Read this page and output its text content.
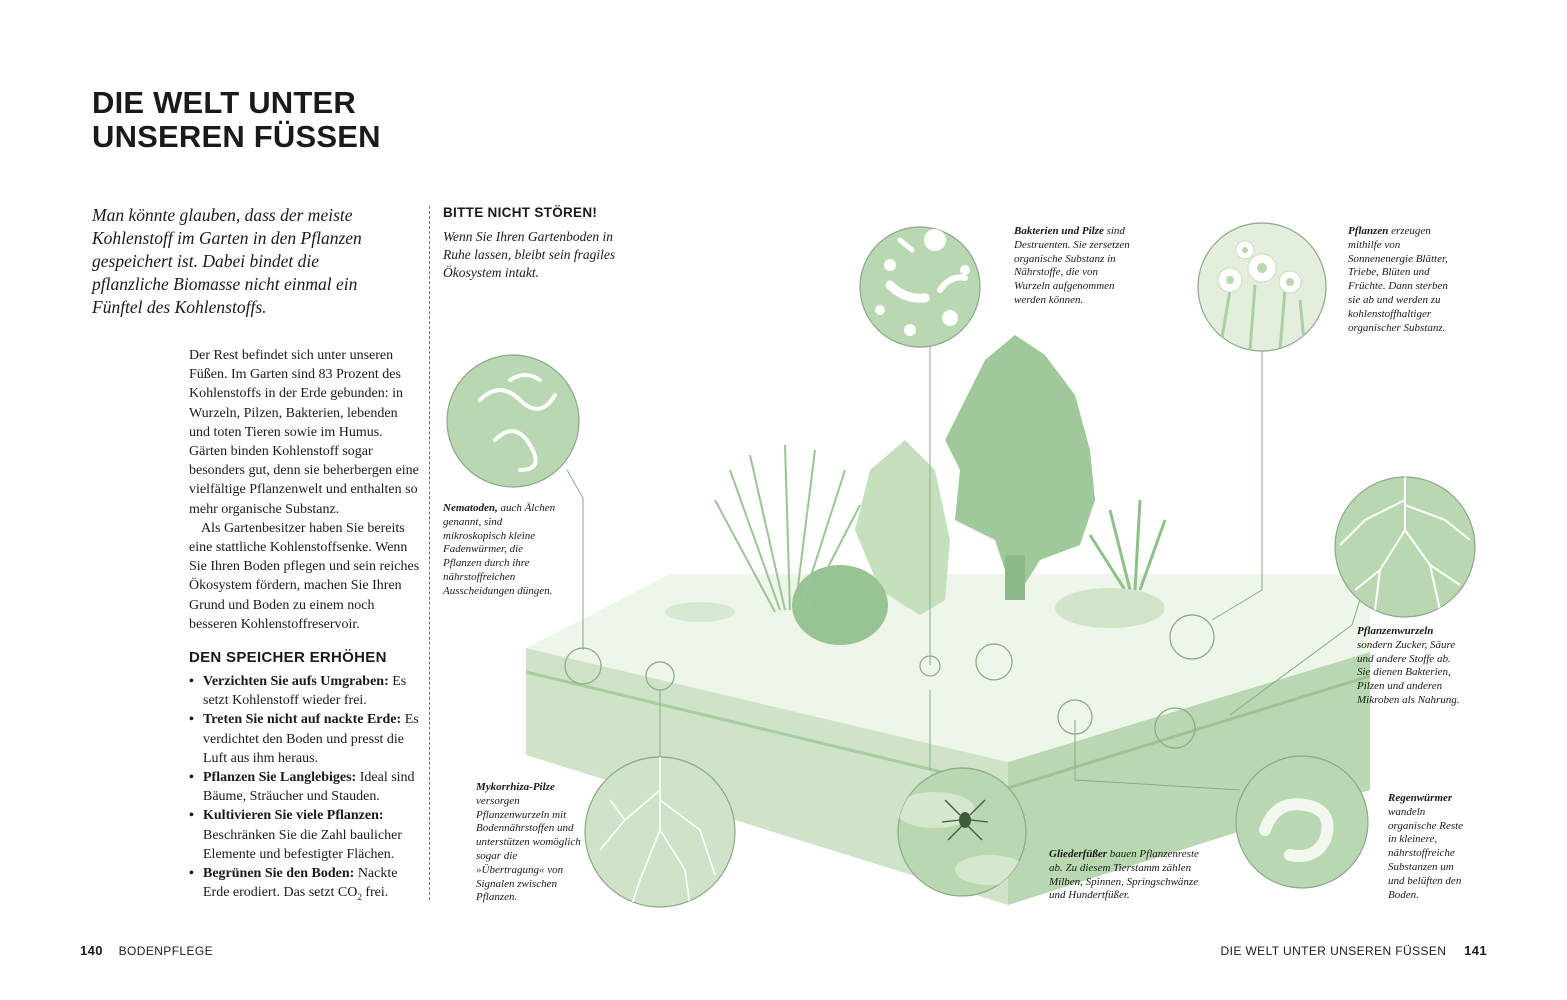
DIE WELT UNTER
UNSEREN FÜSSEN

Man könnte glauben, dass der meiste Kohlenstoff im Garten in den Pflanzen gespeichert ist. Dabei bindet die pflanzliche Biomasse nicht einmal ein Fünftel des Kohlenstoffs.

Der Rest befindet sich unter unseren Füßen. Im Garten sind 83 Prozent des Kohlenstoffs in der Erde gebunden: in Wurzeln, Pilzen, Bakterien, lebenden und toten Tieren sowie im Humus. Gärten binden Kohlenstoff sogar besonders gut, denn sie beherbergen eine vielfältige Pflanzenwelt und enthalten so mehr organische Substanz.

Als Gartenbesitzer haben Sie bereits eine stattliche Kohlenstoffsenke. Wenn Sie Ihren Boden pflegen und sein reiches Ökosystem fördern, machen Sie Ihren Grund und Boden zu einem noch besseren Kohlenstoffreservoir.

DEN SPEICHER ERHÖHEN
• Verzichten Sie aufs Umgraben: Es setzt Kohlenstoff wieder frei.
• Treten Sie nicht auf nackte Erde: Es verdichtet den Boden und presst die Luft aus ihm heraus.
• Pflanzen Sie Langlebiges: Ideal sind Bäume, Sträucher und Stauden.
• Kultivieren Sie viele Pflanzen: Beschränken Sie die Zahl baulicher Elemente und befestigter Flächen.
• Begrünen Sie den Boden: Nackte Erde erodiert. Das setzt $CO_2$ frei.
BITTE NICHT STÖREN!

Wenn Sie Ihren Gartenboden in Ruhe lassen, bleibt sein fragiles Ökosystem intakt.

Bakterien und Pilze sind Destruenten. Sie zersetzen organische Substanz in Nährstoffe, die von Wurzeln aufgenommen werden können.

Pflanzen erzeugen mithilfe von Sonnenenergie Blätter, Triebe, Blüten und Früchte. Dann sterben sie ab und werden zu kohlenstoffhaltiger organischer Substanz.

Nematoden, auch Älchen genannt, sind mikroskopisch kleine Fadenwürmer, die Pflanzen durch ihre nährstoffreichen Ausscheidungen düngen.

Pflanzenwurzeln sondern Zucker, Säure und andere Stoffe ab. Sie dienen Bakterien, Pilzen und anderen Mikroben als Nahrung.

Mykorrhiza-Pilze versorgen Pflanzenwurzeln mit Bodennährstoffen und unterstützen womöglich sogar die »Übertragung« von Signalen zwischen Pflanzen.

Gliederfüßer bauen Pflanzenreste ab. Zu diesem Tierstamm zählen Milben, Spinnen, Springschwänze und Hundertfüßer.

Regenwürmer wandeln organische Reste in kleinere, nährstoffreiche Substanzen um und belüften den Boden.

140 BODENPFLEGE	DIE WELT UNTER UNSEREN FÜSSEN 141
